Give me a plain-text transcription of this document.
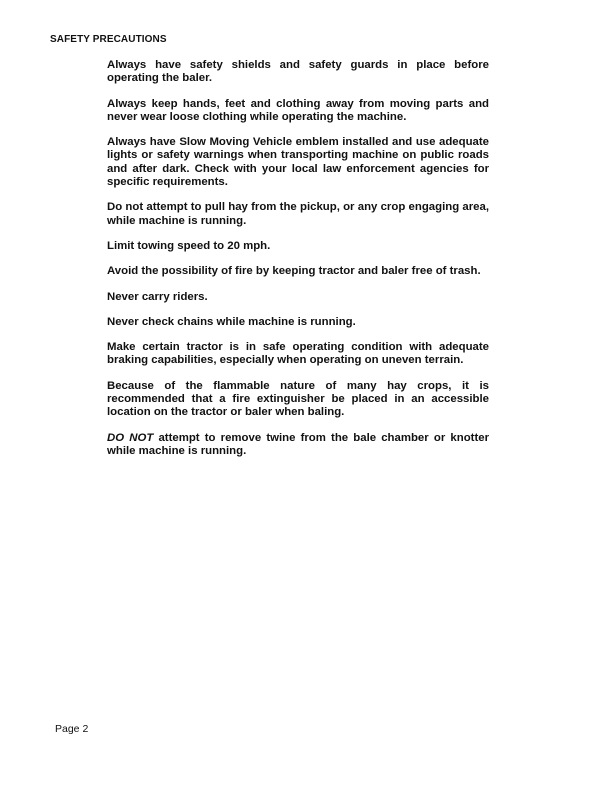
SAFETY PRECAUTIONS

Always have safety shields and safety guards in place before operating the baler.

Always keep hands, feet and clothing away from moving parts and never wear loose clothing while operating the machine.

Always have Slow Moving Vehicle emblem installed and use adequate lights or safety warnings when transporting machine on public roads and after dark. Check with your local law enforcement agencies for specific requirements.

Do not attempt to pull hay from the pickup, or any crop engaging area, while machine is running.

Limit towing speed to 20 mph.

Avoid the possibility of fire by keeping tractor and baler free of trash.

Never carry riders.

Never check chains while machine is running.

Make certain tractor is in safe operating condition with adequate braking capabilities, especially when operating on uneven terrain.

Because of the flammable nature of many hay crops, it is recommended that a fire extinguisher be placed in an accessible location on the tractor or baler when baling.

DO NOT attempt to remove twine from the bale chamber or knotter while machine is running.

Page 2
